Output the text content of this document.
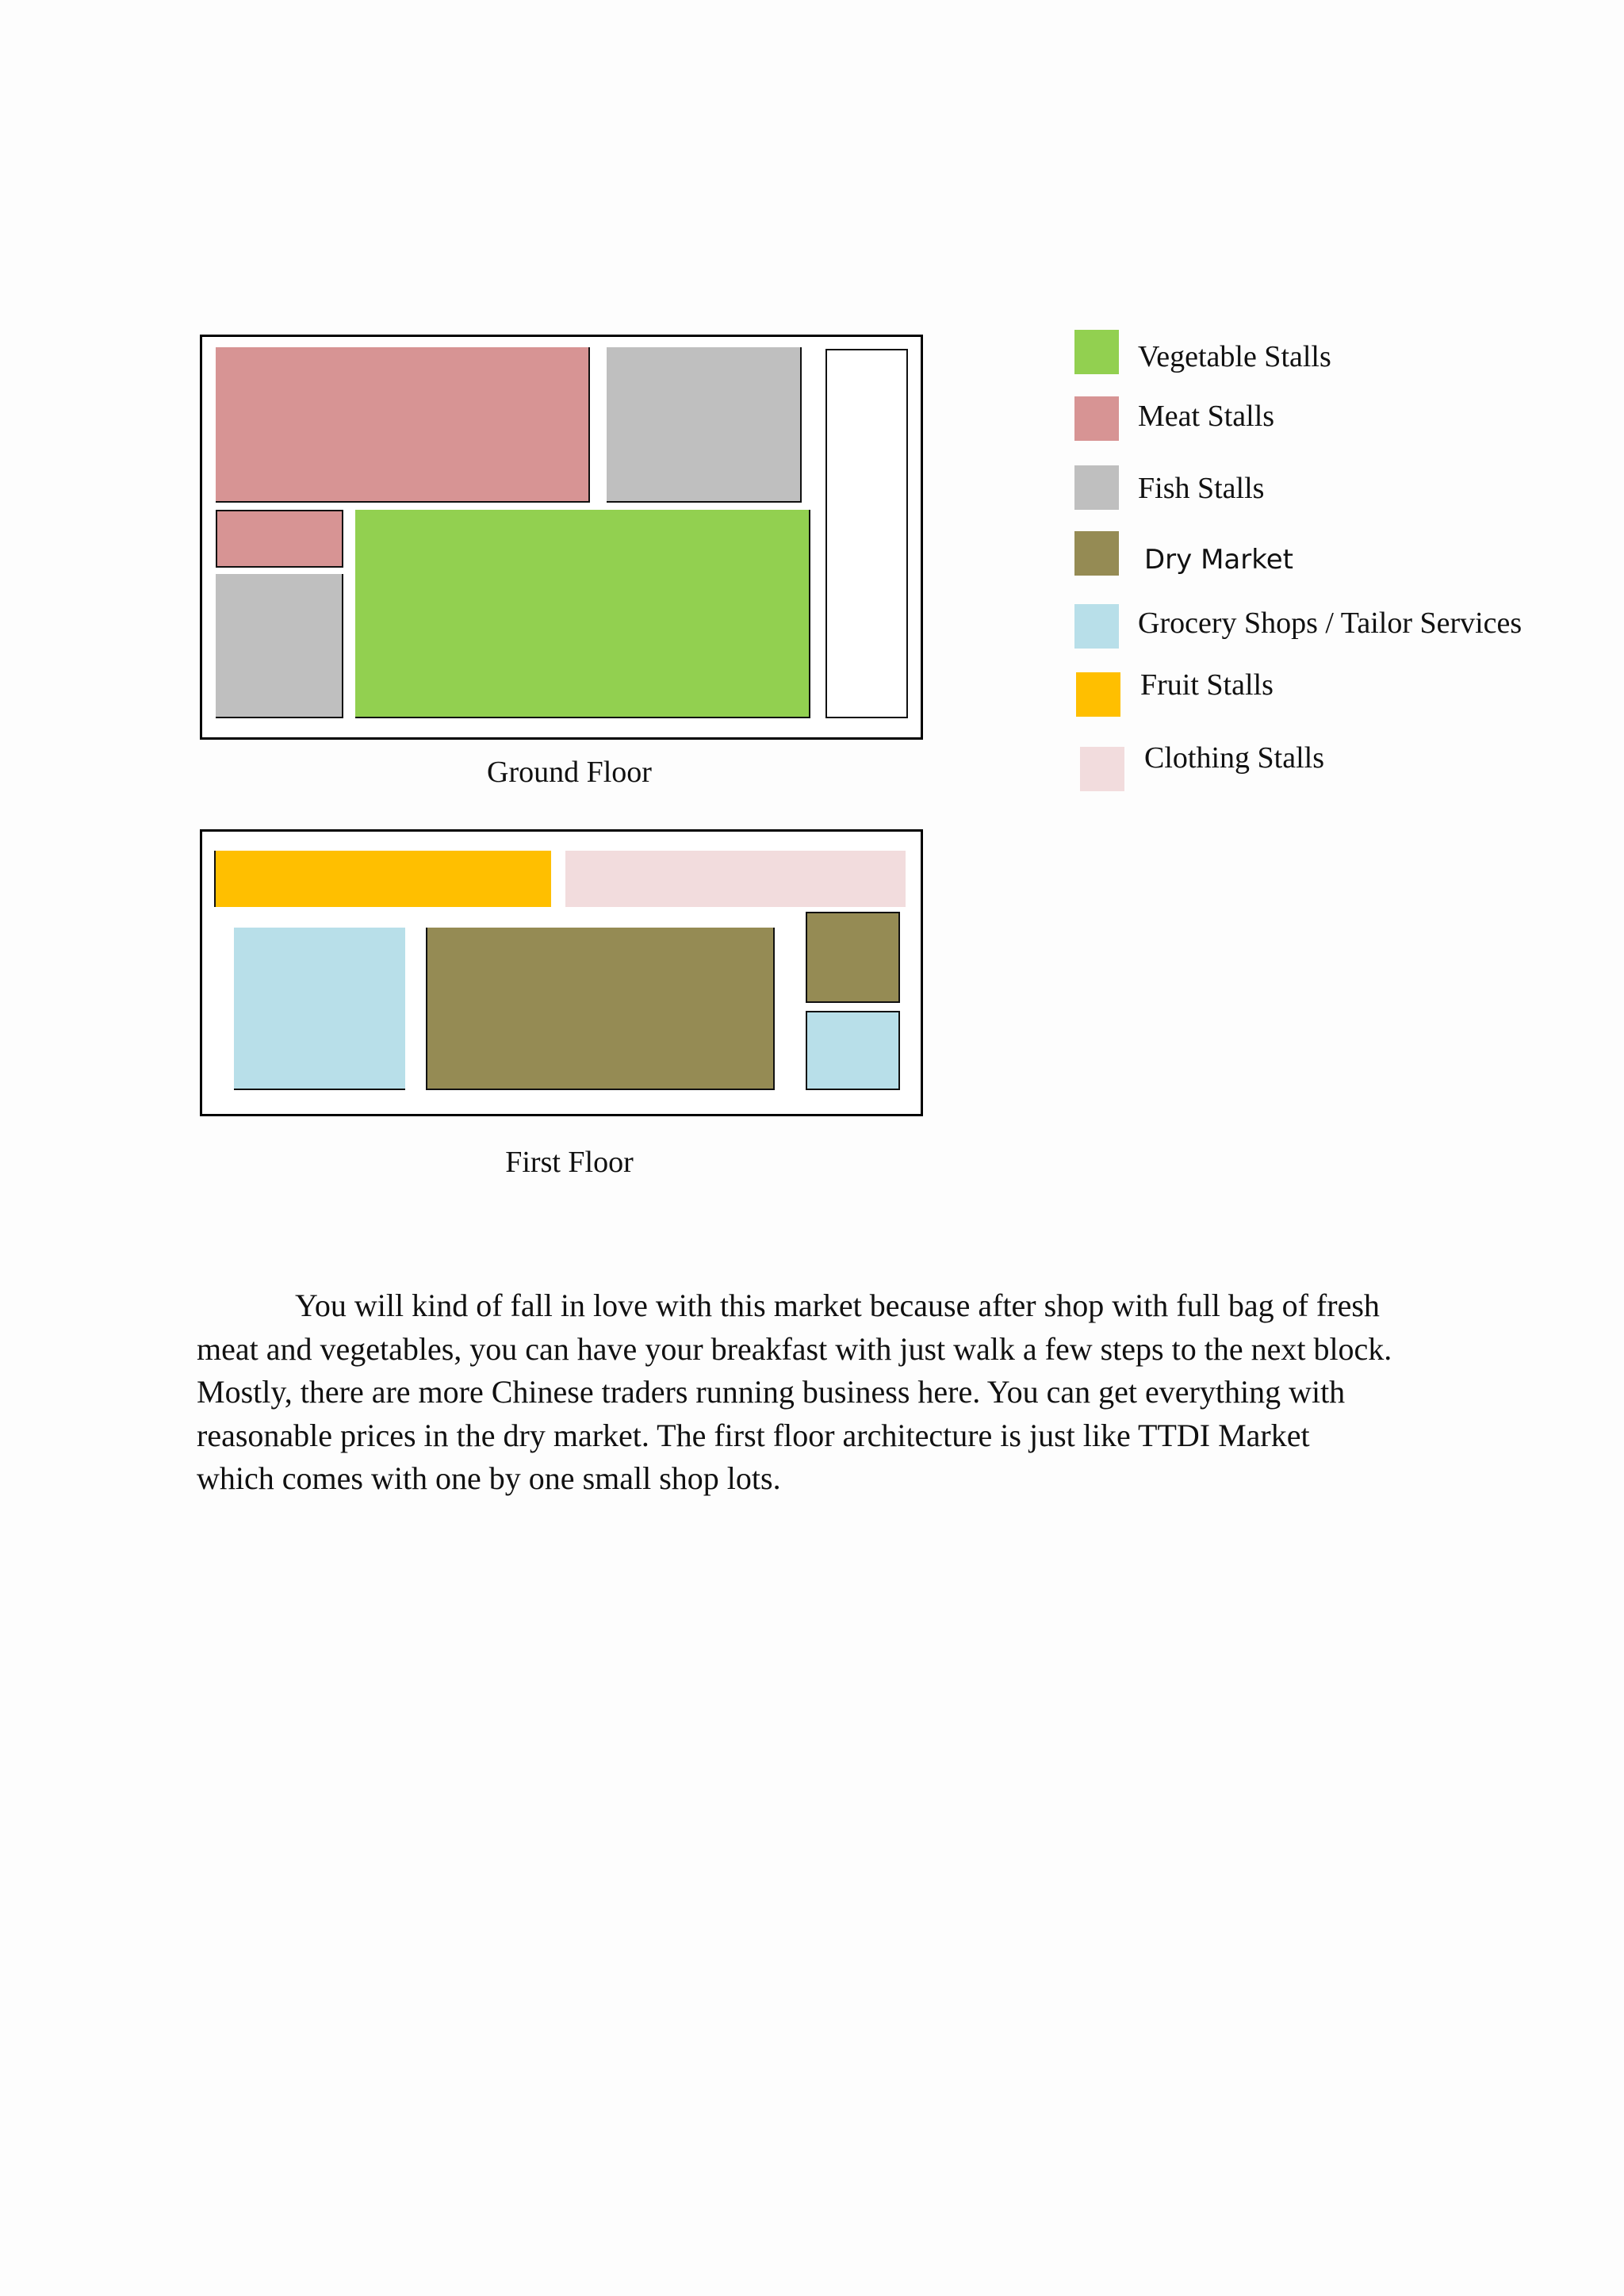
Ground Floor
First Floor
Vegetable Stalls
Meat Stalls
Fish Stalls
Dry Market
Grocery Shops / Tailor Services
Fruit Stalls
Clothing Stalls

You will kind of fall in love with this market because after shop with full bag of fresh
meat and vegetables, you can have your breakfast with just walk a few steps to the next block.
Mostly, there are more Chinese traders running business here. You can get everything with
reasonable prices in the dry market. The first floor architecture is just like TTDI Market
which comes with one by one small shop lots.
